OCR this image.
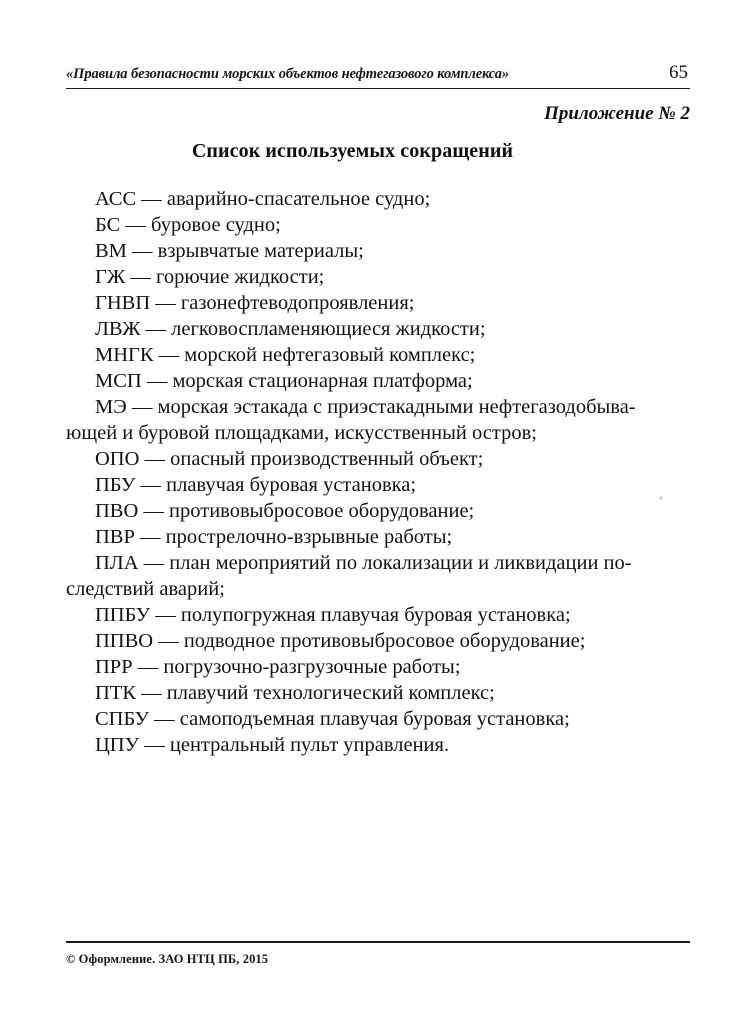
«Правила безопасности морских объектов нефтегазового комплекса»	65
Приложение № 2
Список используемых сокращений
АСС — аварийно-спасательное судно;
БС — буровое судно;
ВМ — взрывчатые материалы;
ГЖ — горючие жидкости;
ГНВП — газонефтеводопроявления;
ЛВЖ — легковоспламеняющиеся жидкости;
МНГК — морской нефтегазовый комплекс;
МСП — морская стационарная платформа;
МЭ — морская эстакада с приэстакадными нефтегазодобыва-
ющей и буровой площадками, искусственный остров;
ОПО — опасный производственный объект;
ПБУ — плавучая буровая установка;
ПВО — противовыбросовое оборудование;
ПВР — прострелочно-взрывные работы;
ПЛА — план мероприятий по локализации и ликвидации по-
следствий аварий;
ППБУ — полупогружная плавучая буровая установка;
ППВО — подводное противовыбросовое оборудование;
ПРР — погрузочно-разгрузочные работы;
ПТК — плавучий технологический комплекс;
СПБУ — самоподъемная плавучая буровая установка;
ЦПУ — центральный пульт управления.
© Оформление. ЗАО НТЦ ПБ, 2015
